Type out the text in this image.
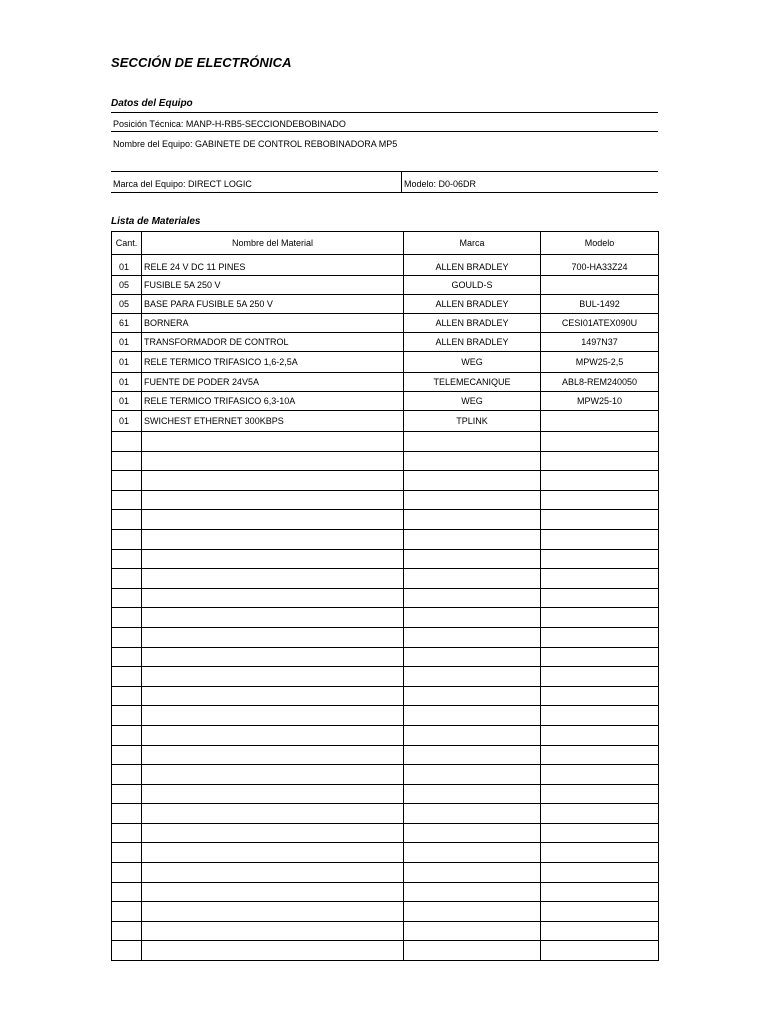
SECCIÓN DE ELECTRÓNICA
Datos del Equipo
Posición Técnica: MANP-H-RB5-SECCIONDEBOBINADO
Nombre del Equipo: GABINETE DE CONTROL REBOBINADORA MP5
Marca del Equipo: DIRECT LOGIC	Modelo: D0-06DR
Lista de Materiales
Cant.	Nombre del Material	Marca	Modelo
01	RELE 24 V DC 11 PINES	ALLEN BRADLEY	700-HA33Z24
05	FUSIBLE 5A 250 V	GOULD-S	
05	BASE PARA FUSIBLE 5A 250 V	ALLEN BRADLEY	BUL-1492
61	BORNERA	ALLEN BRADLEY	CESI01ATEX090U
01	TRANSFORMADOR DE CONTROL	ALLEN BRADLEY	1497N37
01	RELE TERMICO TRIFASICO 1,6-2,5A	WEG	MPW25-2,5
01	FUENTE DE PODER 24V5A	TELEMECANIQUE	ABL8-REM240050
01	RELE TERMICO TRIFASICO 6,3-10A	WEG	MPW25-10
01	SWICHEST ETHERNET 300KBPS	TPLINK	
